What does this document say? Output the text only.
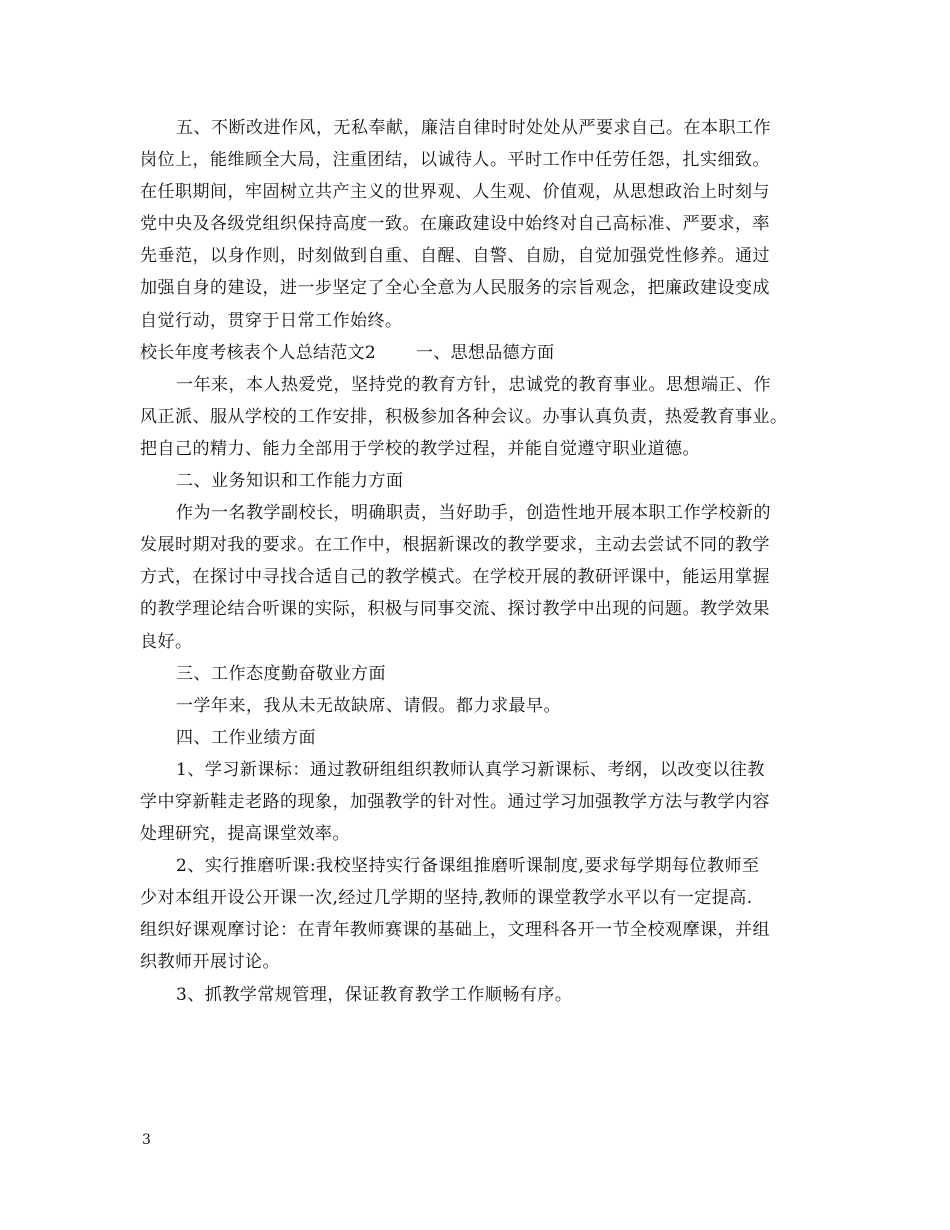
五、不断改进作风，无私奉献，廉洁自律时时处处从严要求自己。在本职工作
岗位上，能维顾全大局，注重团结，以诚待人。平时工作中任劳任怨，扎实细致。
在任职期间，牢固树立共产主义的世界观、人生观、价值观，从思想政治上时刻与
党中央及各级党组织保持高度一致。在廉政建设中始终对自己高标准、严要求，率
先垂范，以身作则，时刻做到自重、自醒、自警、自励，自觉加强党性修养。通过
加强自身的建设，进一步坚定了全心全意为人民服务的宗旨观念，把廉政建设变成
自觉行动，贯穿于日常工作始终。
校长年度考核表个人总结范文2 一、思想品德方面
一年来，本人热爱党，坚持党的教育方针，忠诚党的教育事业。思想端正、作
风正派、服从学校的工作安排，积极参加各种会议。办事认真负责，热爱教育事业。
把自己的精力、能力全部用于学校的教学过程，并能自觉遵守职业道德。
二、业务知识和工作能力方面
作为一名教学副校长，明确职责，当好助手，创造性地开展本职工作学校新的
发展时期对我的要求。在工作中，根据新课改的教学要求，主动去尝试不同的教学
方式，在探讨中寻找合适自己的教学模式。在学校开展的教研评课中，能运用掌握
的教学理论结合听课的实际，积极与同事交流、探讨教学中出现的问题。教学效果
良好。
三、工作态度勤奋敬业方面
一学年来，我从未无故缺席、请假。都力求最早。
四、工作业绩方面
1、学习新课标：通过教研组组织教师认真学习新课标、考纲，以改变以往教
学中穿新鞋走老路的现象，加强教学的针对性。通过学习加强教学方法与教学内容
处理研究，提高课堂效率。
2、实行推磨听课:我校坚持实行备课组推磨听课制度,要求每学期每位教师至
少对本组开设公开课一次,经过几学期的坚持,教师的课堂教学水平以有一定提高.
组织好课观摩讨论：在青年教师赛课的基础上，文理科各开一节全校观摩课，并组
织教师开展讨论。
3、抓教学常规管理，保证教育教学工作顺畅有序。
3
